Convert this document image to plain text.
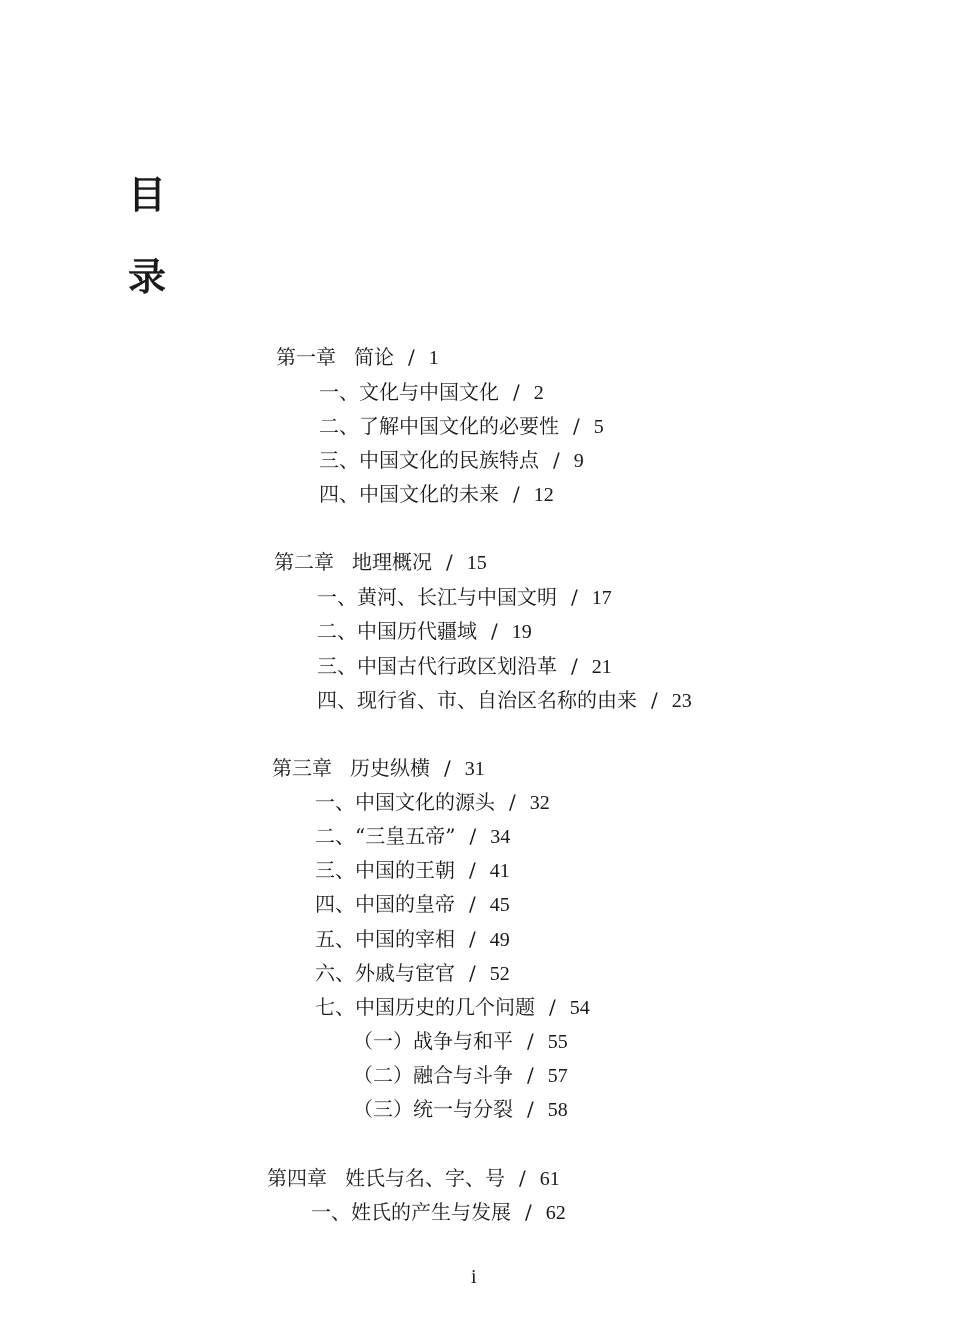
目
录
第一章 简论 / 1
一、文化与中国文化 / 2
二、了解中国文化的必要性 / 5
三、中国文化的民族特点 / 9
四、中国文化的未来 / 12
第二章 地理概况 / 15
一、黄河、长江与中国文明 / 17
二、中国历代疆域 / 19
三、中国古代行政区划沿革 / 21
四、现行省、市、自治区名称的由来 / 23
第三章 历史纵横 / 31
一、中国文化的源头 / 32
二、“三皇五帝” / 34
三、中国的王朝 / 41
四、中国的皇帝 / 45
五、中国的宰相 / 49
六、外戚与宦官 / 52
七、中国历史的几个问题 / 54
（一）战争与和平 / 55
（二）融合与斗争 / 57
（三）统一与分裂 / 58
第四章 姓氏与名、字、号 / 61
一、姓氏的产生与发展 / 62
i
